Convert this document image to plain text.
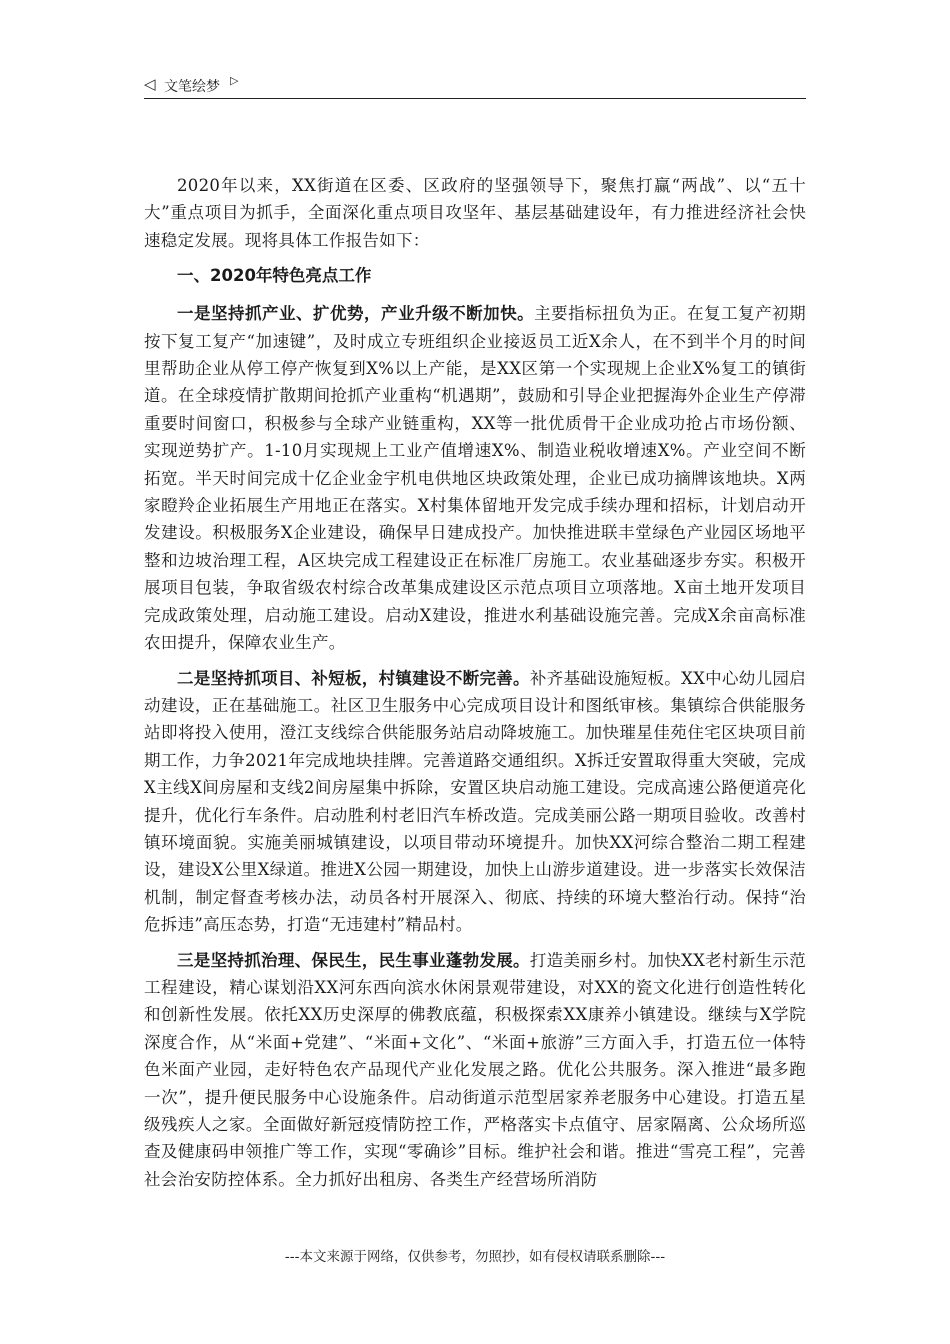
◁ 文笔绘梦 ▷

2020年以来，XX街道在区委、区政府的坚强领导下，聚焦打赢“两战”、以“五十大”重点项目为抓手，全面深化重点项目攻坚年、基层基础建设年，有力推进经济社会快速稳定发展。现将具体工作报告如下：

一、2020年特色亮点工作

一是坚持抓产业、扩优势，产业升级不断加快。主要指标扭负为正。在复工复产初期按下复工复产“加速键”，及时成立专班组织企业接返员工近X余人，在不到半个月的时间里帮助企业从停工停产恢复到X%以上产能，是XX区第一个实现规上企业X%复工的镇街道。在全球疫情扩散期间抢抓产业重构“机遇期”，鼓励和引导企业把握海外企业生产停滞重要时间窗口，积极参与全球产业链重构，XX等一批优质骨干企业成功抢占市场份额、实现逆势扩产。1-10月实现规上工业产值增速X%、制造业税收增速X%。产业空间不断拓宽。半天时间完成十亿企业金宇机电供地区块政策处理，企业已成功摘牌该地块。X两家瞪羚企业拓展生产用地正在落实。X村集体留地开发完成手续办理和招标，计划启动开发建设。积极服务X企业建设，确保早日建成投产。加快推进联丰堂绿色产业园区场地平整和边坡治理工程，A区块完成工程建设正在标准厂房施工。农业基础逐步夯实。积极开展项目包装，争取省级农村综合改革集成建设区示范点项目立项落地。X亩土地开发项目完成政策处理，启动施工建设。启动X建设，推进水利基础设施完善。完成X余亩高标准农田提升，保障农业生产。

二是坚持抓项目、补短板，村镇建设不断完善。补齐基础设施短板。XX中心幼儿园启动建设，正在基础施工。社区卫生服务中心完成项目设计和图纸审核。集镇综合供能服务站即将投入使用，澄江支线综合供能服务站启动降坡施工。加快璀星佳苑住宅区块项目前期工作，力争2021年完成地块挂牌。完善道路交通组织。X拆迁安置取得重大突破，完成X主线X间房屋和支线2间房屋集中拆除，安置区块启动施工建设。完成高速公路便道亮化提升，优化行车条件。启动胜利村老旧汽车桥改造。完成美丽公路一期项目验收。改善村镇环境面貌。实施美丽城镇建设，以项目带动环境提升。加快XX河综合整治二期工程建设，建设X公里X绿道。推进X公园一期建设，加快上山游步道建设。进一步落实长效保洁机制，制定督查考核办法，动员各村开展深入、彻底、持续的环境大整治行动。保持“治危拆违”高压态势，打造“无违建村”精品村。

三是坚持抓治理、保民生，民生事业蓬勃发展。打造美丽乡村。加快XX老村新生示范工程建设，精心谋划沿XX河东西向滨水休闲景观带建设，对XX的瓷文化进行创造性转化和创新性发展。依托XX历史深厚的佛教底蕴，积极探索XX康养小镇建设。继续与X学院深度合作，从“米面+党建”、“米面+文化”、“米面+旅游”三方面入手，打造五位一体特色米面产业园，走好特色农产品现代产业化发展之路。优化公共服务。深入推进“最多跑一次”，提升便民服务中心设施条件。启动街道示范型居家养老服务中心建设。打造五星级残疾人之家。全面做好新冠疫情防控工作，严格落实卡点值守、居家隔离、公众场所巡查及健康码申领推广等工作，实现“零确诊”目标。维护社会和谐。推进“雪亮工程”，完善社会治安防控体系。全力抓好出租房、各类生产经营场所消防

---本文来源于网络，仅供参考，勿照抄，如有侵权请联系删除---
